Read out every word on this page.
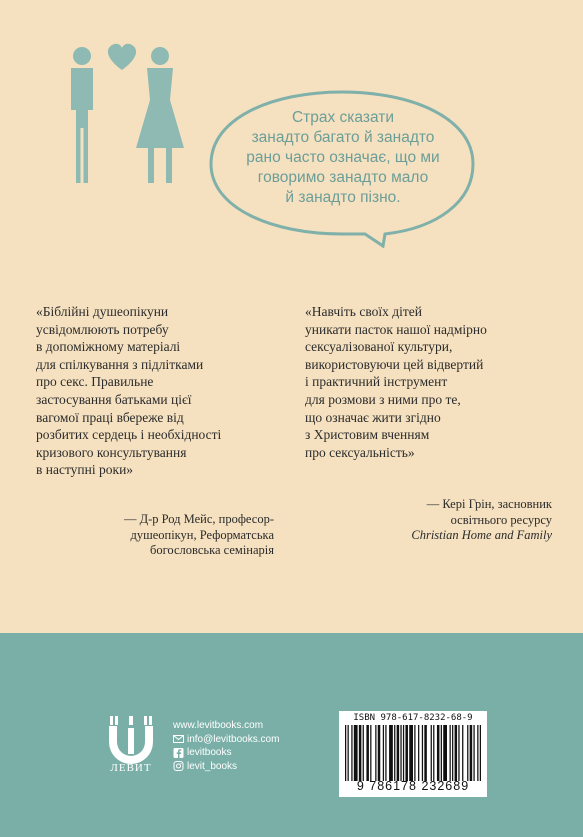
Страх сказати
занадто багато й занадто
рано часто означає, що ми
говоримо занадто мало
й занадто пізно.
«Біблійні душеопікуни
усвідомлюють потребу
в допоміжному матеріалі
для спілкування з підлітками
про секс. Правильне
застосування батьками цієї
вагомої праці вбереже від
розбитих сердець і необхідності
кризового консультування
в наступні роки»
— Д-р Род Мейс, професор-
душеопікун, Реформатська
богословська семінарія
«Навчіть своїх дітей
уникати пасток нашої надмірно
сексуалізованої культури,
використовуючи цей відвертий
і практичний інструмент
для розмови з ними про те,
що означає жити згідно
з Христовим вченням
про сексуальність»
— Кері Грін, засновник
освітнього ресурсу
Christian Home and Family
ЛЕВИТ
www.levitbooks.com
info@levitbooks.com
levitbooks
levit_books
ISBN 978-617-8232-68-9
9 786178 232689
